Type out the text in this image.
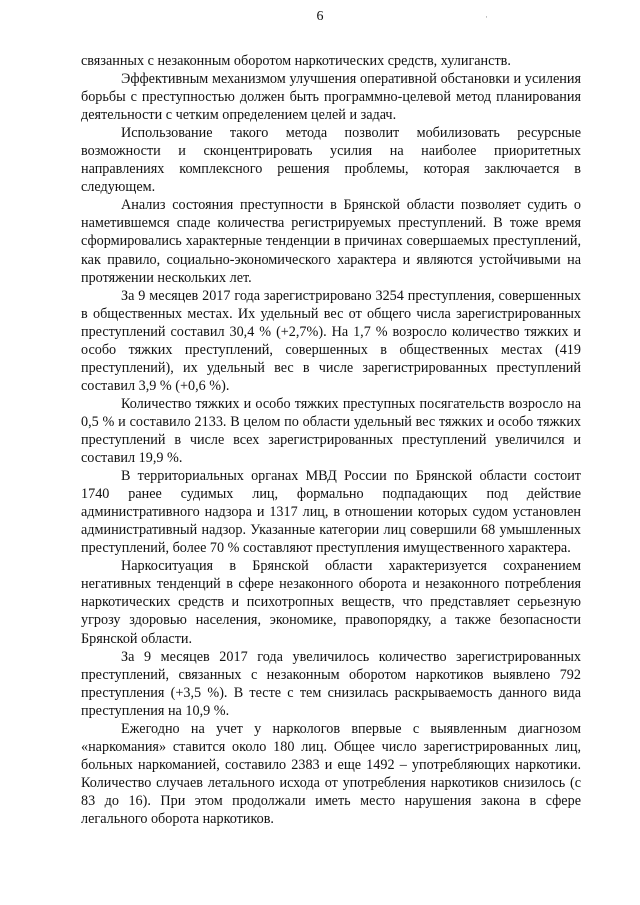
6	·

связанных с незаконным оборотом наркотических средств, хулиганств.

Эффективным механизмом улучшения оперативной обстановки и усиления борьбы с преступностью должен быть программно-целевой метод планирования деятельности с четким определением целей и задач.

Использование такого метода позволит мобилизовать ресурсные возможности и сконцентрировать усилия на наиболее приоритетных направлениях комплексного решения проблемы, которая заключается в следующем.

Анализ состояния преступности в Брянской области позволяет судить о наметившемся спаде количества регистрируемых преступлений. В тоже время сформировались характерные тенденции в причинах совершаемых преступлений, как правило, социально-экономического характера и являются устойчивыми на протяжении нескольких лет.

За 9 месяцев 2017 года зарегистрировано 3254 преступления, совершенных в общественных местах. Их удельный вес от общего числа зарегистрированных преступлений составил 30,4 % (+2,7%). На 1,7 % возросло количество тяжких и особо тяжких преступлений, совершенных в общественных местах (419 преступлений), их удельный вес в числе зарегистрированных преступлений составил 3,9 % (+0,6 %).

Количество тяжких и особо тяжких преступных посягательств возросло на 0,5 % и составило 2133. В целом по области удельный вес тяжких и особо тяжких преступлений в числе всех зарегистрированных преступлений увеличился и составил 19,9 %.

В территориальных органах МВД России по Брянской области состоит 1740 ранее судимых лиц, формально подпадающих под действие административного надзора и 1317 лиц, в отношении которых судом установлен административный надзор. Указанные категории лиц совершили 68 умышленных преступлений, более 70 % составляют преступления имущественного характера.

Наркоситуация в Брянской области характеризуется сохранением негативных тенденций в сфере незаконного оборота и незаконного потребления наркотических средств и психотропных веществ, что представляет серьезную угрозу здоровью населения, экономике, правопорядку, а также безопасности Брянской области.

За 9 месяцев 2017 года увеличилось количество зарегистрированных преступлений, связанных с незаконным оборотом наркотиков выявлено 792 преступления (+3,5 %). В тесте с тем снизилась раскрываемость данного вида преступления на 10,9 %.

Ежегодно на учет у наркологов впервые с выявленным диагнозом «наркомания» ставится около 180 лиц. Общее число зарегистрированных лиц, больных наркоманией, составило 2383 и еще 1492 – употребляющих наркотики. Количество случаев летального исхода от употребления наркотиков снизилось (с 83 до 16). При этом продолжали иметь место нарушения закона в сфере легального оборота наркотиков.
